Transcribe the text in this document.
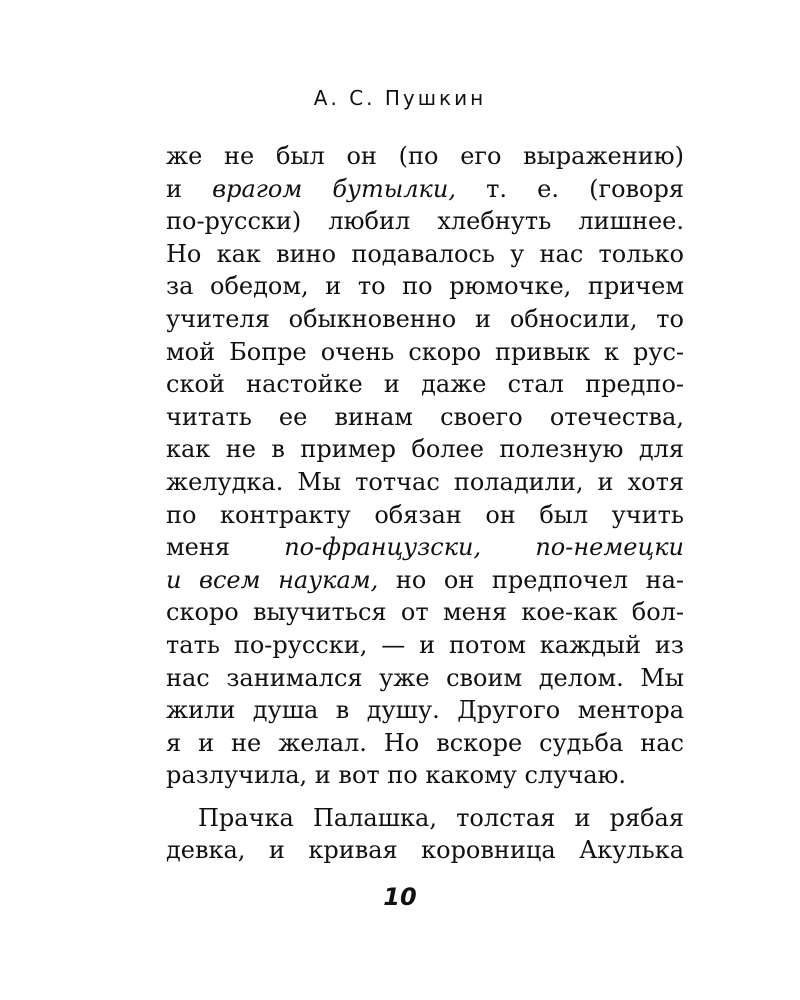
А. С. Пушкин
же не был он (по его выражению)
и врагом бутылки, т. е. (говоря
по-русски) любил хлебнуть лишнее.
Но как вино подавалось у нас только
за обедом, и то по рюмочке, причем
учителя обыкновенно и обносили, то
мой Бопре очень скоро привык к рус-
ской настойке и даже стал предпо-
читать ее винам своего отечества,
как не в пример более полезную для
желудка. Мы тотчас поладили, и хотя
по контракту обязан он был учить
меня по-французски, по-немецки
и всем наукам, но он предпочел на-
скоро выучиться от меня кое-как бол-
тать по-русски, — и потом каждый из
нас занимался уже своим делом. Мы
жили душа в душу. Другого ментора
я и не желал. Но вскоре судьба нас
разлучила, и вот по какому случаю.
Прачка Палашка, толстая и рябая
девка, и кривая коровница Акулька
10
